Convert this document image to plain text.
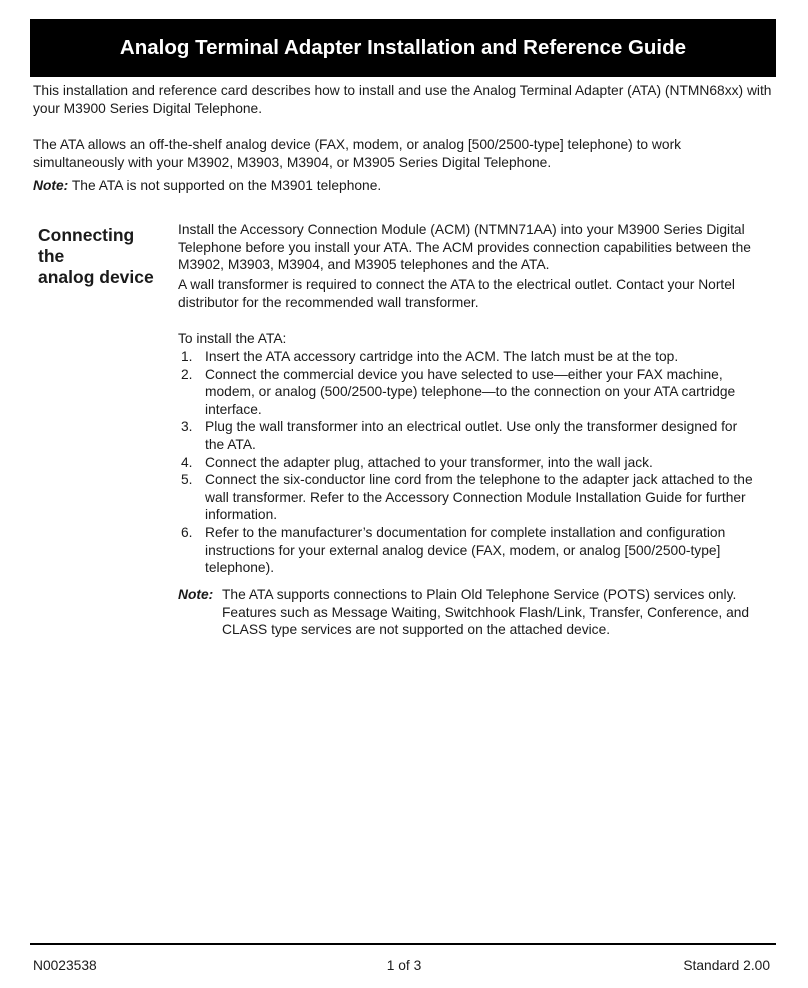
Analog Terminal Adapter Installation and Reference Guide

This installation and reference card describes how to install and use the Analog Terminal Adapter (ATA) (NTMN68xx) with your M3900 Series Digital Telephone.

The ATA allows an off-the-shelf analog device (FAX, modem, or analog [500/2500-type] telephone) to work simultaneously with your M3902, M3903, M3904, or M3905 Series Digital Telephone.

Note: The ATA is not supported on the M3901 telephone.

Connecting the
analog device

Install the Accessory Connection Module (ACM) (NTMN71AA) into your M3900 Series Digital Telephone before you install your ATA. The ACM provides connection capabilities between the M3902, M3903, M3904, and M3905 telephones and the ATA.

A wall transformer is required to connect the ATA to the electrical outlet. Contact your Nortel distributor for the recommended wall transformer.

To install the ATA:

1. Insert the ATA accessory cartridge into the ACM. The latch must be at the top.
2. Connect the commercial device you have selected to use—either your FAX machine, modem, or analog (500/2500-type) telephone—to the connection on your ATA cartridge interface.
3. Plug the wall transformer into an electrical outlet. Use only the transformer designed for the ATA.
4. Connect the adapter plug, attached to your transformer, into the wall jack.
5. Connect the six-conductor line cord from the telephone to the adapter jack attached to the wall transformer. Refer to the Accessory Connection Module Installation Guide for further information.
6. Refer to the manufacturer’s documentation for complete installation and configuration instructions for your external analog device (FAX, modem, or analog [500/2500-type] telephone).
Note: The ATA supports connections to Plain Old Telephone Service (POTS) services only. Features such as Message Waiting, Switchhook Flash/Link, Transfer, Conference, and CLASS type services are not supported on the attached device.
N0023538	1 of 3	Standard 2.00
